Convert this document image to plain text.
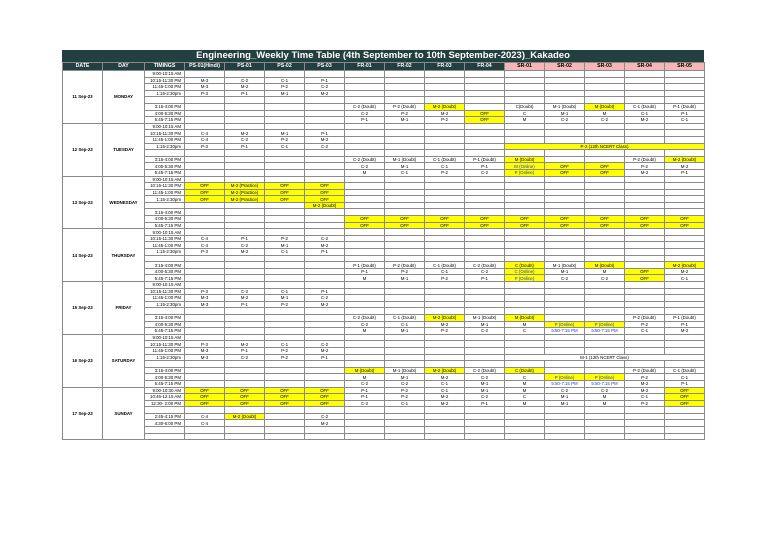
Engineering_Weekly Time Table (4th September to 10th September-2023)_Kakadeo
DATE	DAY	TIMINGS	PS-01(Hindi)	PS-01	PS-02	PS-03	FR-01	FR-02	FR-03	FR-04	SR-01	SR-02	SR-03	SR-04	SR-05
11 Sep-23	MONDAY	9:00-10:15 AM													
		10:15-11:30 PM	M-3	C-2	C-1	P-1									
		11:45-1:00 PM	M-3	M-2	P-2	C-2									
		1:15-2:30pm	P-3	P-1	M-1	M-2									

		3:15-4:00 PM					C-2 (Doubt)	P-2 (Doubt)	M-2 (Doubt)		C(Doubt)	M-1 (Doubt)	M (Doubt)	C-1 (Doubt)	P-1 (Doubt)
		4:00-5:30 PM					C-2	P-2	M-2	OFF	C	M-1	M	C-1	P-1
		5:45-7:15 PM					P-1	M-1	P-2	OFF	M	C-2	C-2	M-2	C-1
12 Sep-23	TUESDAY	9:00-10:15 AM													
		10:15-11:30 PM	C-4	M-2	M-1	P-1									
		11:45-1:00 PM	C-4	C-2	P-2	M-2									
		1:15-2:30pm	P-3	P-1	C-1	C-2					P-2 (12th NCERT Class)				

		3:15-4:00 PM					C-2 (Doubt)	M-1 (Doubt)	C-1 (Doubt)	P-1 (Doubt)	M (Doubt)			P-2 (Doubt)	M-2 (Doubt)
		4:00-5:30 PM					C-2	M-1	C-1	P-1	M (Online)	OFF	OFF	P-2	M-2
		5:45-7:15 PM					M	C-1	P-2	C-2	P (Online)	OFF	OFF	M-2	P-1
13 Sep-23	WEDNESDAY	9:00-10:15 AM													
		10:15-11:30 PM	OFF	M-2 (Practice)	OFF	OFF									
		11:45-1:00 PM	OFF	M-2 (Practice)	OFF	OFF									
		1:15-2:30pm	OFF	M-2 (Practice)	OFF	OFF									
						M-2 (Doubt)									
		3:15-4:00 PM													
		4:00-5:30 PM					OFF	OFF	OFF	OFF	OFF	OFF	OFF	OFF	OFF
		5:45-7:15 PM					OFF	OFF	OFF	OFF	OFF	OFF	OFF	OFF	OFF
14 Sep-23	THURSDAY	9:00-10:15 AM													
		10:15-11:30 PM	C-4	P-1	P-2	C-2									
		11:45-1:00 PM	C-4	C-2	M-1	M-2									
		1:15-2:30pm	P-3	M-2	C-1	P-1									

		3:15-4:00 PM					P-1 (Doubt)	P-2 (Doubt)	C-1 (Doubt)	C-2 (Doubt)	C (Doubt)	M-1 (Doubt)	M (Doubt)		M-2 (Doubt)
		4:00-5:30 PM					P-1	P-2	C-1	C-2	C (Online)	M-1	M	OFF	M-2
		5:45-7:15 PM					M	M-1	P-2	P-1	P (Online)	C-2	C-2	OFF	C-1
15 Sep-23	FRIDAY	9:00-10:15 AM													
		10:15-11:30 PM	P-3	C-2	C-1	P-1									
		11:45-1:00 PM	M-3	M-2	M-1	C-2									
		1:15-2:30pm	M-3	P-1	P-2	M-2									

		3:15-4:00 PM					C-2 (Doubt)	C-1 (Doubt)	M-2 (Doubt)	M-1 (Doubt)	M (Doubt)			P-2 (Doubt)	P-1 (Doubt)
		4:00-5:30 PM					C-2	C-1	M-2	M-1	M	P (Online)	P (Online)	P-2	P-1
		5:45-7:15 PM					M	M-1	P-2	C-2	C	5:50-7:15 PM	5:50-7:15 PM	C-1	M-2
16 Sep-23	SATURDAY	9:00-10:15 AM													
		10:15-11:30 PM	P-3	M-2	C-1	C-2									
		11:45-1:00 PM	M-3	P-1	P-2	M-2									
		1:15-2:30pm	M-3	C-2	P-2	P-1					M-1 (12th NCERT Class)				

		3:15-4:00 PM					M (Doubt)	M-1 (Doubt)	M-2 (Doubt)	C-2 (Doubt)	C (Doubt)			P-2 (Doubt)	C-1 (Doubt)
		4:00-5:30 PM					M	M-1	M-2	C-2	C	P (Online)	P (Online)	P-2	C-1
		5:45-7:15 PM					C-2	C-2	C-1	M-1	M	5:50-7:15 PM	5:50-7:15 PM	M-2	P-1
17 Sep-23	SUNDAY	9:00-10:30 AM	OFF	OFF	OFF	OFF	P-1	P-2	C-1	M-1	M	C-2	C-2	M-2	OFF
		10:45-12:15 AM	OFF	OFF	OFF	OFF	P-1	P-2	M-2	C-2	C	M-1	M	C-1	OFF
		12:30- 2:00 PM	OFF	OFF	OFF	OFF	C-2	C-1	M-2	P-1	M	M-1	M	P-2	OFF

		2:45-4:15 PM	C-4	M-2 (Doubt)		C-2									
		4:30-6:00 PM	C-4			M-2									
